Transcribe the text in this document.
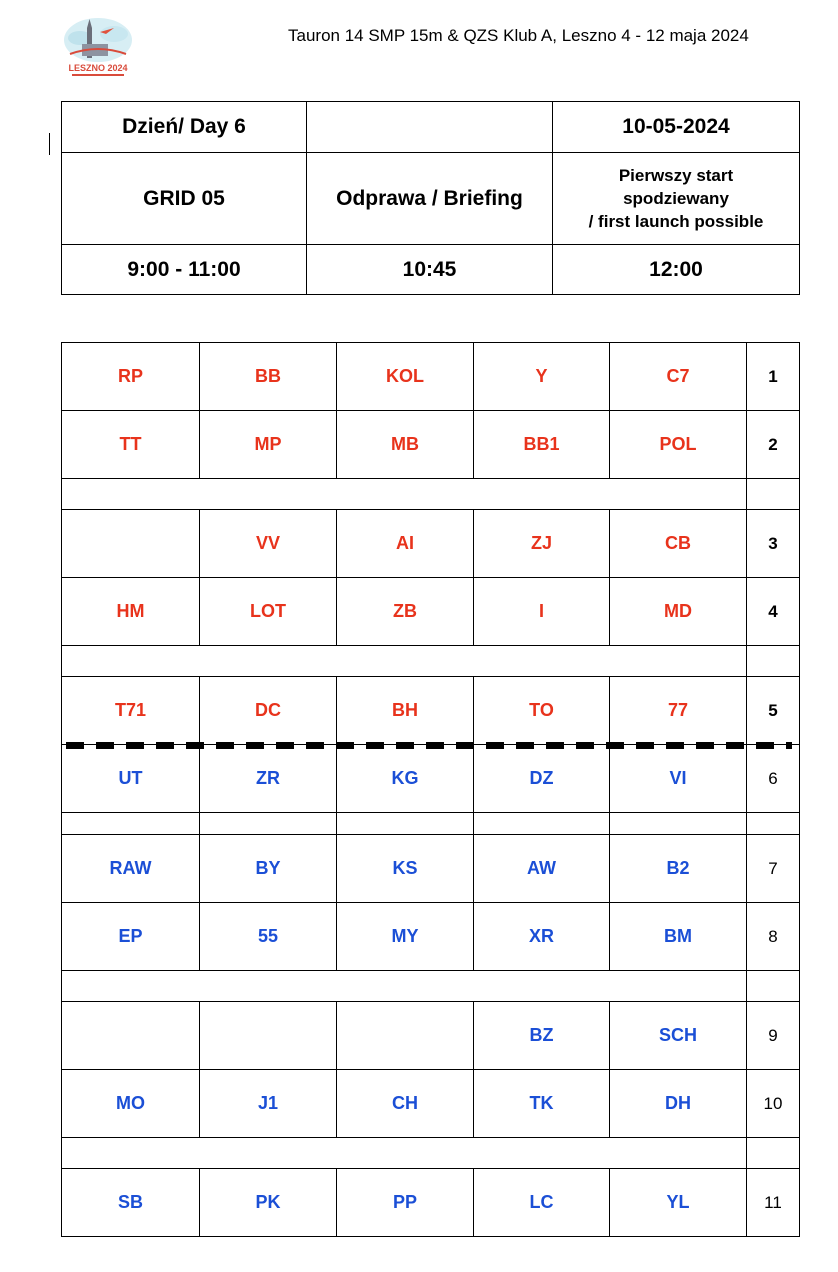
LESZNO 2024
Tauron 14 SMP 15m & QZS Klub A, Leszno 4 - 12 maja 2024
Dzień/ Day 6		10-05-2024
GRID 05	Odprawa / Briefing	Pierwszy start
spodziewany
/ first launch possible

9:00 - 11:00	10:45	12:00
RP	BB	KOL	Y	C7	1
TT	MP	MB	BB1	POL	2

	VV	AI	ZJ	CB	3
HM	LOT	ZB	I	MD	4

T71	DC	BH	TO	77	5
UT	ZR	KG	DZ	VI	6

RAW	BY	KS	AW	B2	7
EP	55	MY	XR	BM	8

			BZ	SCH	9
MO	J1	CH	TK	DH	10

SB	PK	PP	LC	YL	11
